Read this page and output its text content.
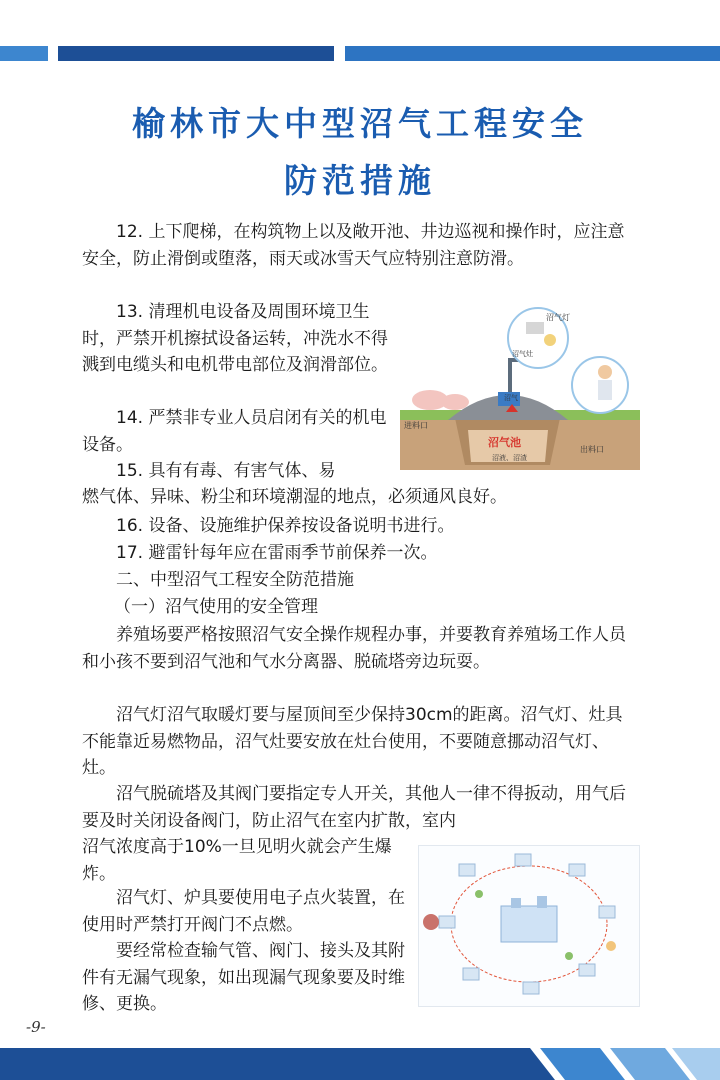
榆林市大中型沼气工程安全
防范措施

12. 上下爬梯，在构筑物上以及敞开池、井边巡视和操作时，应注意安全，防止滑倒或堕落，雨天或冰雪天气应特别注意防滑。

13. 清理机电设备及周围环境卫生时，严禁开机擦拭设备运转，冲洗水不得溅到电缆头和电机带电部位及润滑部位。

14. 严禁非专业人员启闭有关的机电设备。

15. 具有有毒、有害气体、易

燃气体、异味、粉尘和环境潮湿的地点，必须通风良好。

16. 设备、设施维护保养按设备说明书进行。

17. 避雷针每年应在雷雨季节前保养一次。

二、中型沼气工程安全防范措施

（一）沼气使用的安全管理

养殖场要严格按照沼气安全操作规程办事，并要教育养殖场工作人员和小孩不要到沼气池和气水分离器、脱硫塔旁边玩耍。

沼气灯沼气取暖灯要与屋顶间至少保持30cm的距离。沼气灯、灶具不能靠近易燃物品，沼气灶要安放在灶台使用，不要随意挪动沼气灯、灶。

沼气脱硫塔及其阀门要指定专人开关，其他人一律不得扳动，用气后要及时关闭设备阀门，防止沼气在室内扩散，室内

沼气浓度高于10%一旦见明火就会产生爆炸。

沼气灯、炉具要使用电子点火装置，在使用时严禁打开阀门不点燃。

要经常检查输气管、阀门、接头及其附件有无漏气现象，如出现漏气现象要及时维修、更换。

沼气灯
沼气灶
沼气
进料口
沼气池
沼液、沼渣
出料口
-9-
